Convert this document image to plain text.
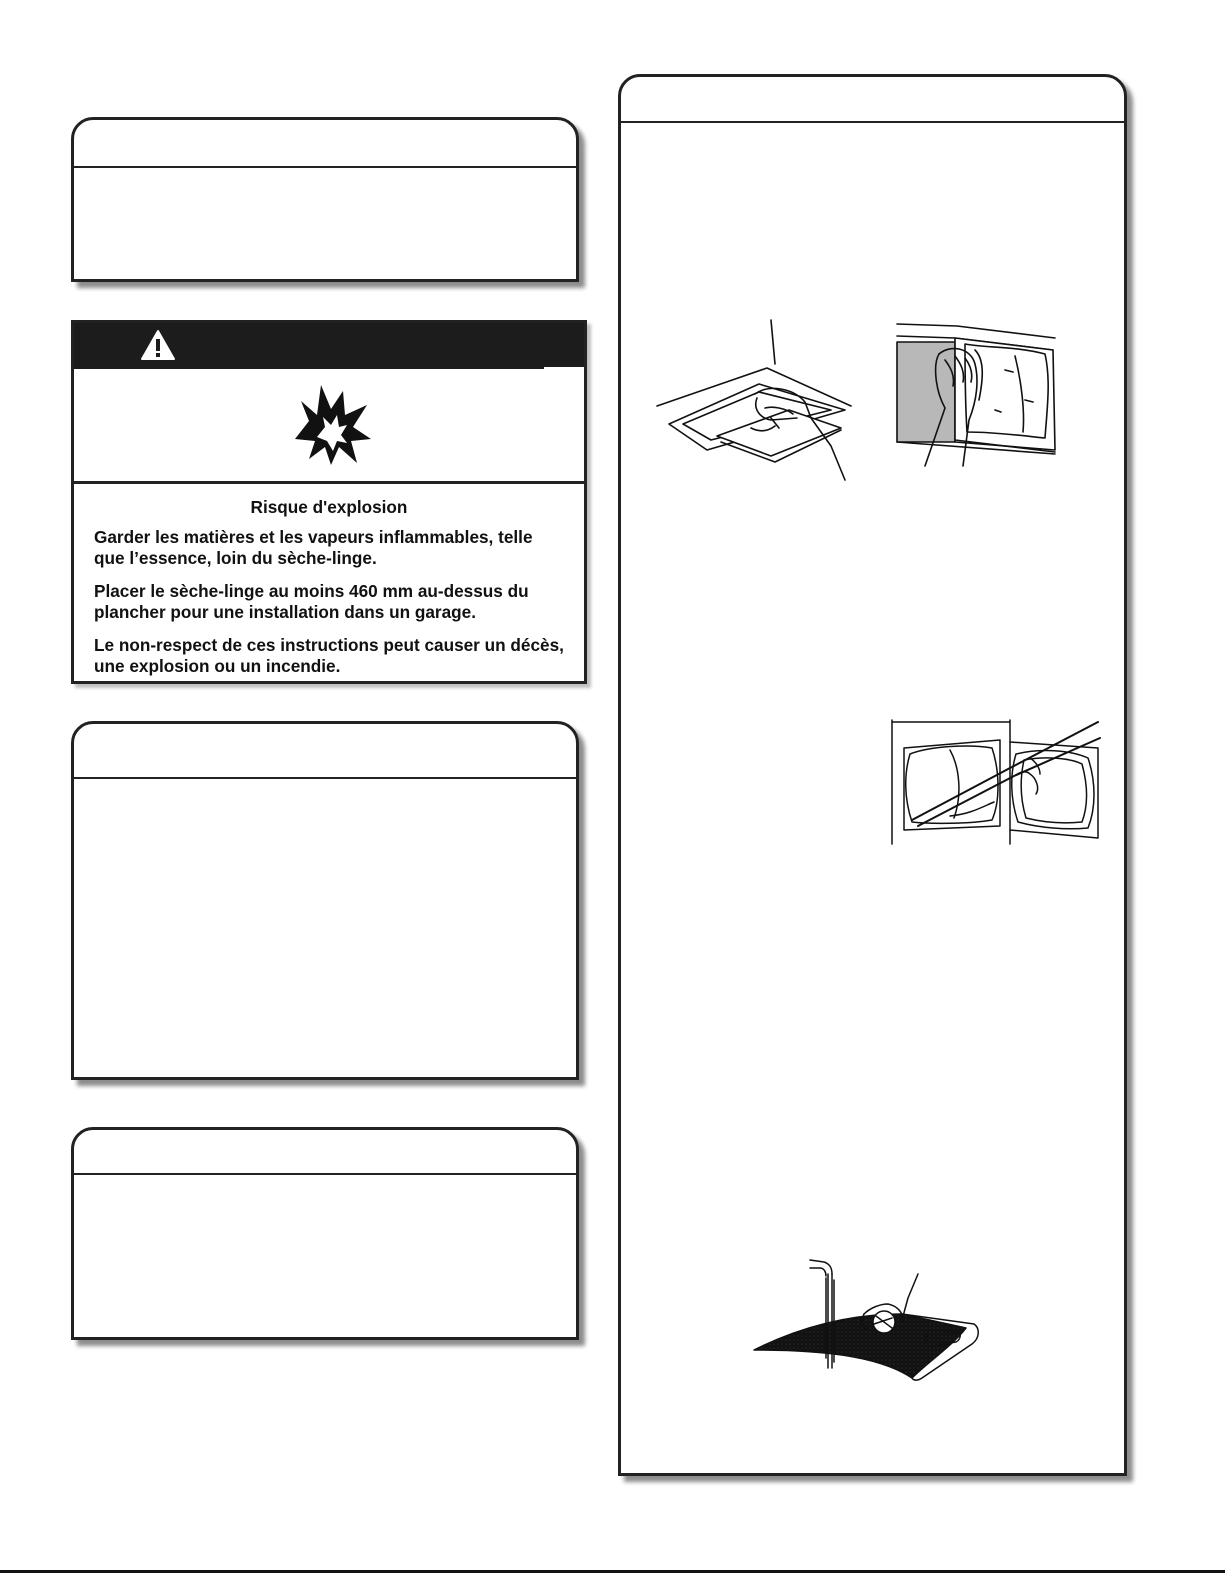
Risque d'explosion

Garder les matières et les vapeurs inflammables, telle que l’essence, loin du sèche-linge.

Placer le sèche-linge au moins 460 mm au-dessus du plancher pour une installation dans un garage.

Le non-respect de ces instructions peut causer un décès, une explosion ou un incendie.
